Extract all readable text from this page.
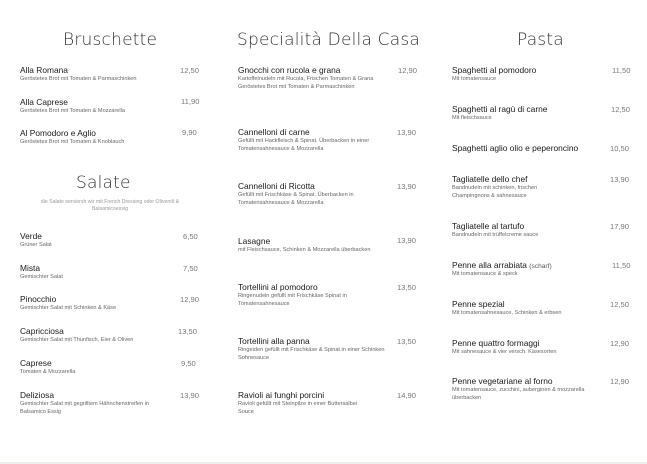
Bruschette
Alla Romana
Geröstetes Brot mit Tomaten & Parmaschinken
12,50
Alla Caprese
Geröstetes Brot mit Tomaten & Mozzarella
11,90
Al Pomodoro e Aglio
Geröstetes Brot mit Tomaten & Knoblauch
9,90
Salate
die Salate serviersh wir mit French Dressing oder Olivenöl & Balsamicoessig
Verde
Grüner Salat
6,50
Mista
Gemischter Salat
7,50
Pinocchio
Gemischter Salat mit Schinken & Käse
12,90
Capricciosa
Gemischter Salat mit Thunfisch, Eier & Oliven
13,50
Caprese
Tomaten & Mozzarella
9,50
Deliziosa
Gemischter Salat mit gegrilltem Hähnchenstreifen in Balsamico Essig
13,90
Specialità Della Casa
Gnocchi con rucola e grana
Kartoffelnudeln mit Rucola, Frischen Tomaten & Grana Geröstetes Brot mit Tomaten & Parmaschinken
12,90
Cannelloni di carne
Gefüllt mit Hackfleisch & Spinat. Überbacken in einer Tomatensahnesauce & Mozzarella
13,90
Cannelloni di Ricotta
Gefüllt mit Frischkäse & Spinat. Überbacken in Tomatensahnesauce & Mozzarella
13,90
Lasagne
mit Fleischsauce, Schinken & Mozzarella überbacken
13,90
Tortellini al pomodoro
Ringenudeln gefüllt mit Frischkäse Spinat in Tomatensahnesauce
13,50
Tortellini alla panna
Ringeiden gefüllt mit Frischkäse & Spinat in einer Schinken Sohnesauce
13,50
Ravioli ai funghi porcini
Ravioli gefüllt mit Steinpilze in einer Buttersalbei Souce
14,90
Pasta
Spaghetti al pomodoro
Mit tomatensauce
11,50
Spaghetti al ragù di carne
Mit fleischsauce
12,50
Spaghetti aglio olio e peperoncino	10,50
Tagliatelle dello chef
Bandnudeln mit schinken, frischen Champingnons & sahnesauce
13,90
Tagliatelle al tartufo
Bandnudeln mit trüffelcreme sauce
17,90
Penne alla arrabiata (scharf)
Mit tomatensauce & speck
11,50
Penne spezial
Mit tomatensahnesauce, Schinken & erbsen
12,50
Penne quattro formaggi
Mit sahnesauce & vier versch. Käsesorten
12,90
Penne vegetariane al forno
Mit tomatensauce, zucchini, auberginen & mozzarella überbacken
12,90
